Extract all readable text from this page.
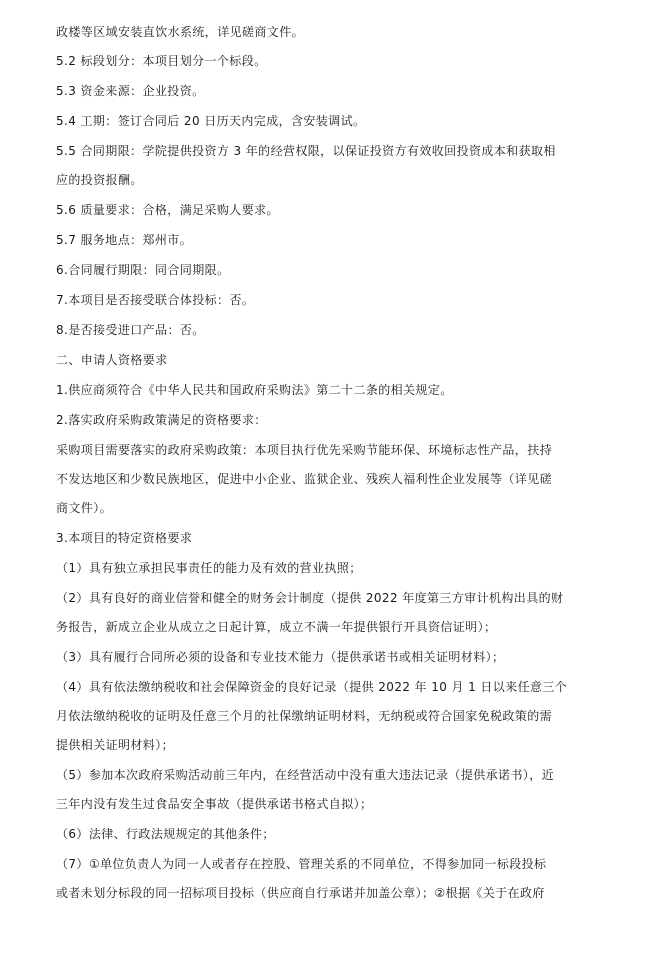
政楼等区域安装直饮水系统，详见磋商文件。
5.2 标段划分：本项目划分一个标段。
5.3 资金来源：企业投资。
5.4 工期：签订合同后 20 日历天内完成，含安装调试。
5.5 合同期限：学院提供投资方 3 年的经营权限，以保证投资方有效收回投资成本和获取相
应的投资报酬。
5.6 质量要求：合格，满足采购人要求。
5.7 服务地点：郑州市。
6.合同履行期限：同合同期限。
7.本项目是否接受联合体投标：否。
8.是否接受进口产品：否。
二、申请人资格要求
1.供应商须符合《中华人民共和国政府采购法》第二十二条的相关规定。
2.落实政府采购政策满足的资格要求：
采购项目需要落实的政府采购政策：本项目执行优先采购节能环保、环境标志性产品，扶持
不发达地区和少数民族地区，促进中小企业、监狱企业、残疾人福利性企业发展等（详见磋
商文件）。
3.本项目的特定资格要求
（1）具有独立承担民事责任的能力及有效的营业执照；
（2）具有良好的商业信誉和健全的财务会计制度（提供 2022 年度第三方审计机构出具的财
务报告，新成立企业从成立之日起计算，成立不满一年提供银行开具资信证明）；
（3）具有履行合同所必须的设备和专业技术能力（提供承诺书或相关证明材料）；
（4）具有依法缴纳税收和社会保障资金的良好记录（提供 2022 年 10 月 1 日以来任意三个
月依法缴纳税收的证明及任意三个月的社保缴纳证明材料，无纳税或符合国家免税政策的需
提供相关证明材料）；
（5）参加本次政府采购活动前三年内，在经营活动中没有重大违法记录（提供承诺书），近
三年内没有发生过食品安全事故（提供承诺书格式自拟）；
（6）法律、行政法规规定的其他条件；
（7）①单位负责人为同一人或者存在控股、管理关系的不同单位，不得参加同一标段投标
或者未划分标段的同一招标项目投标（供应商自行承诺并加盖公章）；②根据《关于在政府
